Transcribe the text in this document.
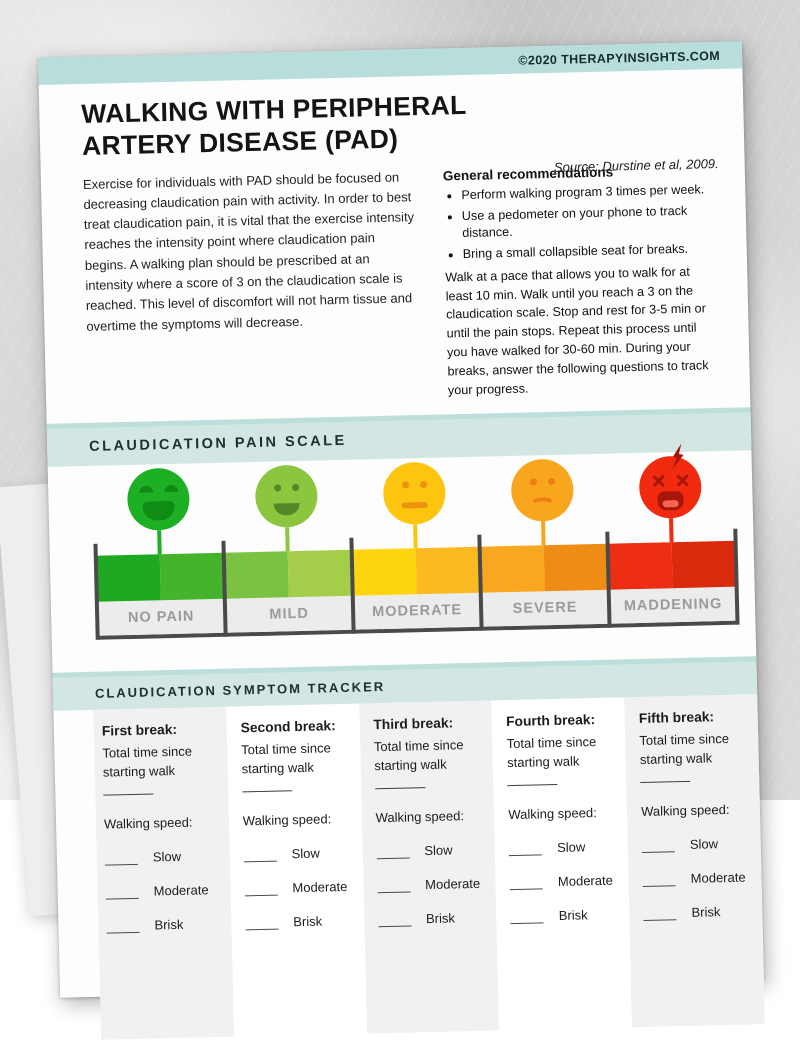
©2020 THERAPYINSIGHTS.COM
WALKING WITH PERIPHERAL
ARTERY DISEASE (PAD)
Source: Durstine et al, 2009.
Exercise for individuals with PAD should be focused on decreasing claudication pain with activity. In order to best treat claudication pain, it is vital that the exercise intensity reaches the intensity point where claudication pain begins. A walking plan should be prescribed at an intensity where a score of 3 on the claudication scale is reached. This level of discomfort will not harm tissue and overtime the symptoms will decrease.
General recommendations
• Perform walking program 3 times per week.
• Use a pedometer on your phone to track distance.
• Bring a small collapsible seat for breaks.
Walk at a pace that allows you to walk for at least 10 min. Walk until you reach a 3 on the claudication scale. Stop and rest for 3-5 min or until the pain stops. Repeat this process until you have walked for 30-60 min. During your breaks, answer the following questions to track your progress.
CLAUDICATION PAIN SCALE
NO PAIN	MILD	MODERATE	SEVERE	MADDENING
CLAUDICATION SYMPTOM TRACKER
First break:
Total time since
starting walk
Walking speed:
Slow
Moderate
Brisk
Second break:
Total time since
starting walk
Walking speed:
Slow
Moderate
Brisk
Third break:
Total time since
starting walk
Walking speed:
Slow
Moderate
Brisk
Fourth break:
Total time since
starting walk
Walking speed:
Slow
Moderate
Brisk
Fifth break:
Total time since
starting walk
Walking speed:
Slow
Moderate
Brisk
